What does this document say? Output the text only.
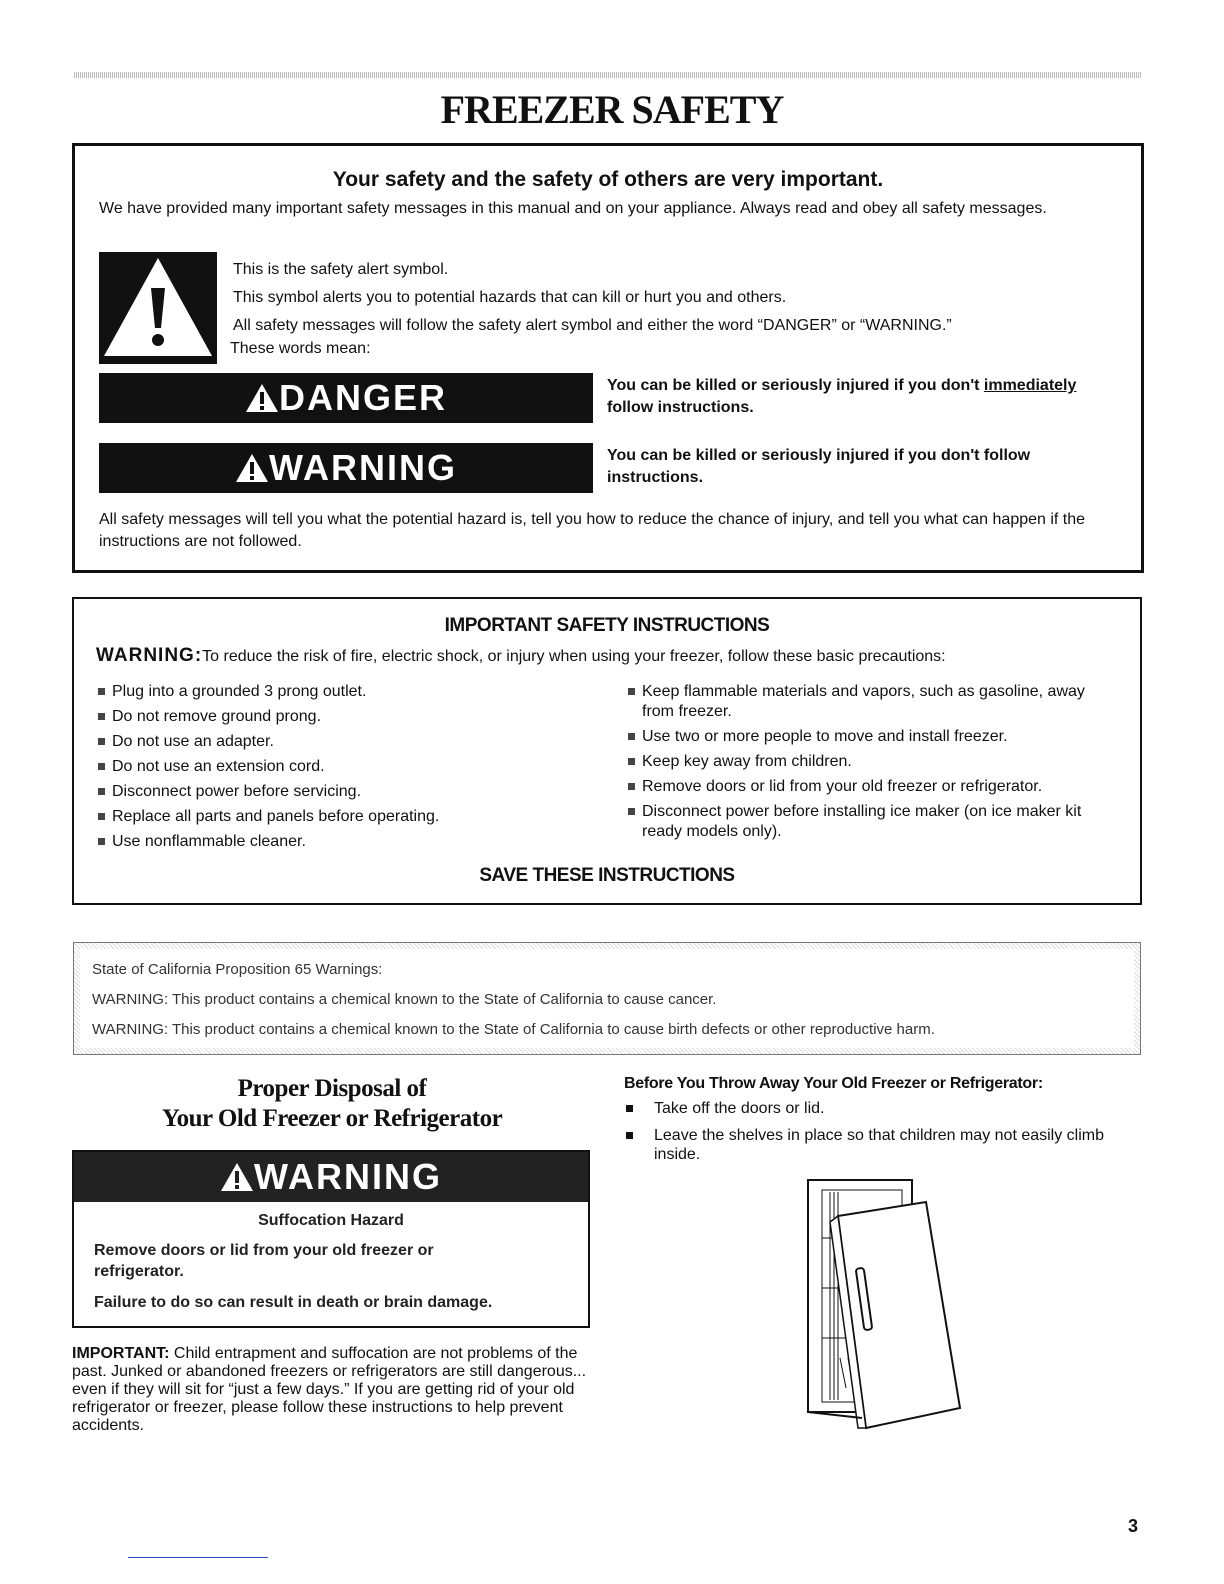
FREEZER SAFETY
Your safety and the safety of others are very important.
We have provided many important safety messages in this manual and on your appliance. Always read and obey all safety messages.
This is the safety alert symbol.
This symbol alerts you to potential hazards that can kill or hurt you and others.
All safety messages will follow the safety alert symbol and either the word “DANGER” or “WARNING.”
These words mean:
DANGER	You can be killed or seriously injured if you don't immediately
follow instructions.
WARNING	You can be killed or seriously injured if you don't follow instructions.
All safety messages will tell you what the potential hazard is, tell you how to reduce the chance of injury, and tell you what can happen if the instructions are not followed.
IMPORTANT SAFETY INSTRUCTIONS
WARNING:To reduce the risk of fire, electric shock, or injury when using your freezer, follow these basic precautions:
Plug into a grounded 3 prong outlet.
Do not remove ground prong.
Do not use an adapter.
Do not use an extension cord.
Disconnect power before servicing.
Replace all parts and panels before operating.
Use nonflammable cleaner.
Keep flammable materials and vapors, such as gasoline, away from freezer.
Use two or more people to move and install freezer.
Keep key away from children.
Remove doors or lid from your old freezer or refrigerator.
Disconnect power before installing ice maker (on ice maker kit ready models only).
SAVE THESE INSTRUCTIONS
State of California Proposition 65 Warnings:
WARNING: This product contains a chemical known to the State of California to cause cancer.
WARNING: This product contains a chemical known to the State of California to cause birth defects or other reproductive harm.
Proper Disposal of
Your Old Freezer or Refrigerator
WARNING
Suffocation Hazard
Remove doors or lid from your old freezer or refrigerator.
Failure to do so can result in death or brain damage.
IMPORTANT: Child entrapment and suffocation are not problems of the past. Junked or abandoned freezers or refrigerators are still dangerous... even if they will sit for “just a few days.” If you are getting rid of your old refrigerator or freezer, please follow these instructions to help prevent accidents.
Before You Throw Away Your Old Freezer or Refrigerator:
Take off the doors or lid.
Leave the shelves in place so that children may not easily climb inside.
3
